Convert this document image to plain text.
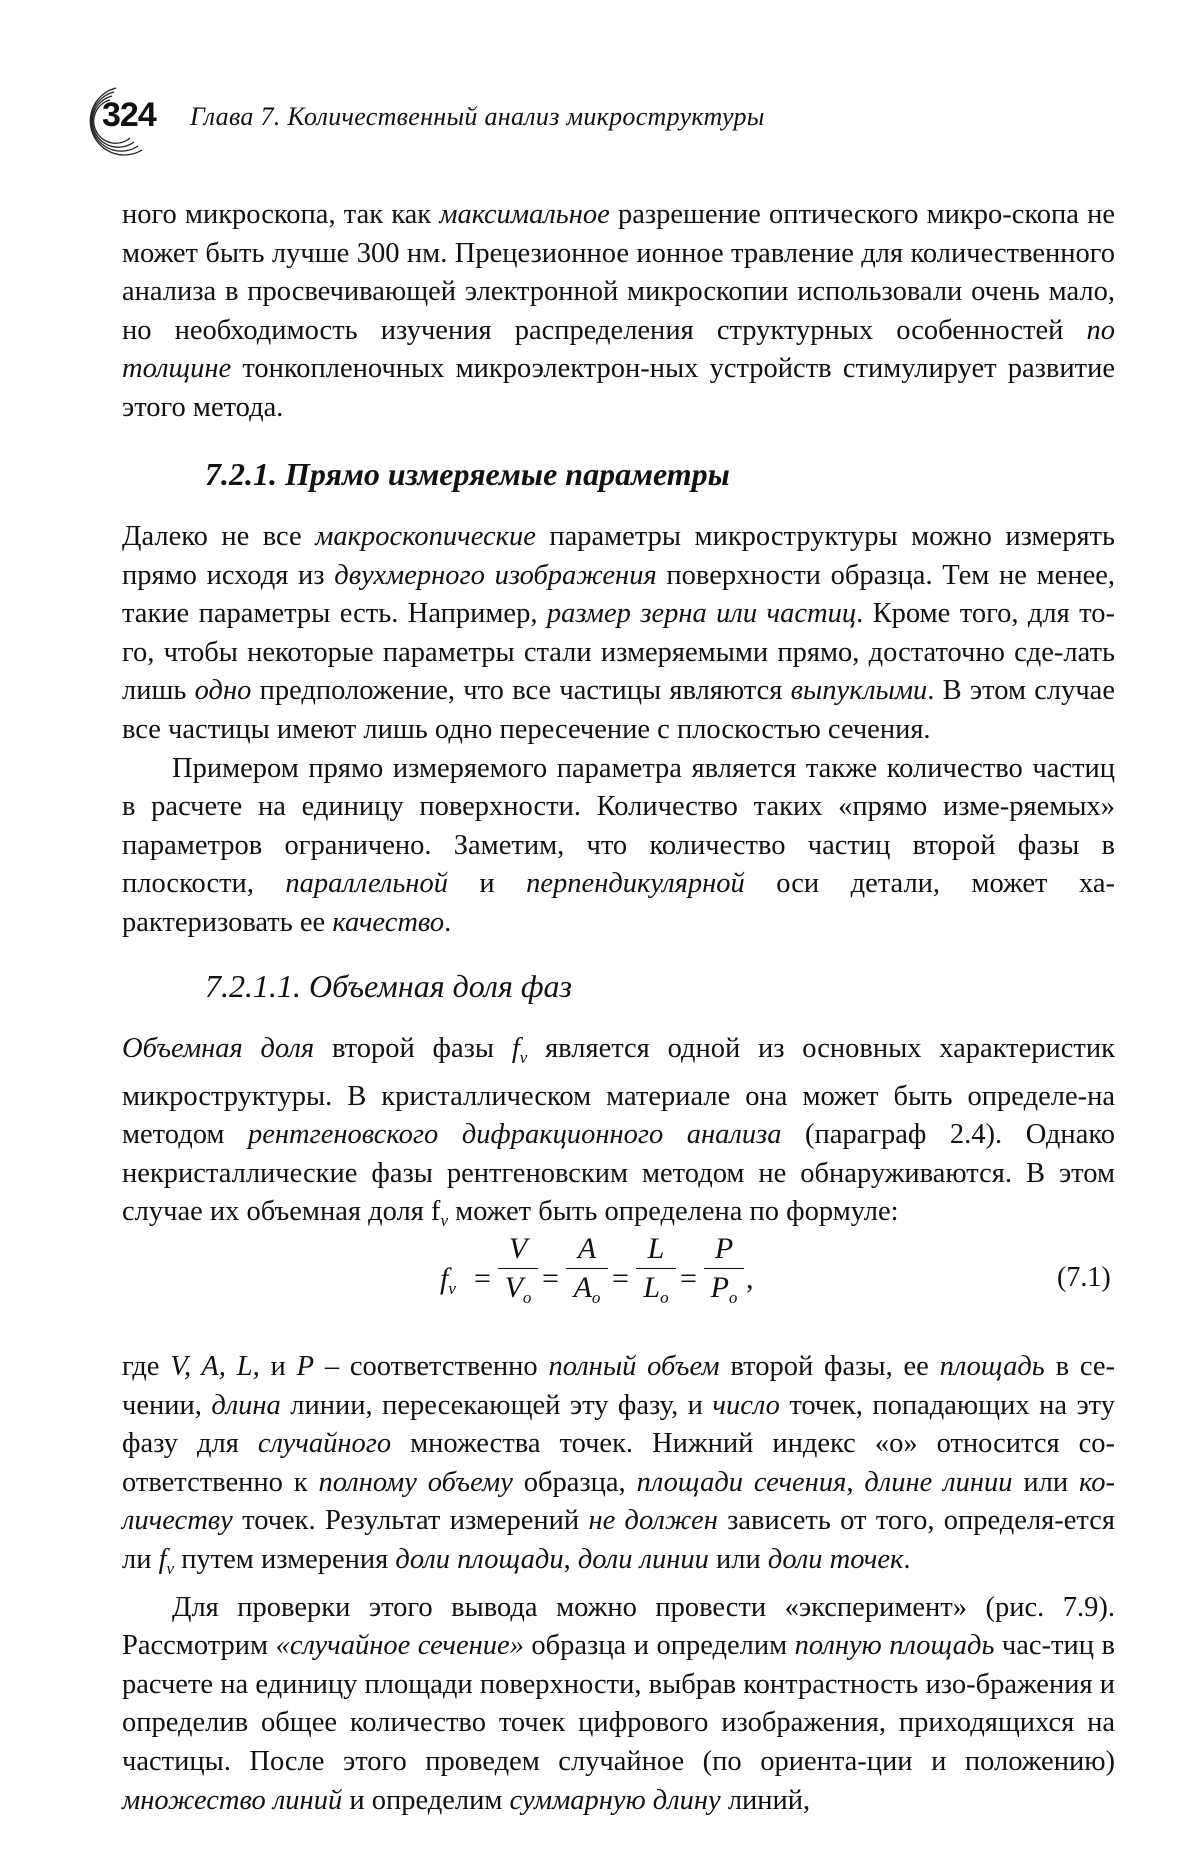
324 Глава 7. Количественный анализ микроструктуры

ного микроскопа, так как максимальное разрешение оптического микро-скопа не может быть лучше 300 нм. Прецезионное ионное травление для количественного анализа в просвечивающей электронной микроскопии использовали очень мало, но необходимость изучения распределения структурных особенностей по толщине тонкопленочных микроэлектрон-ных устройств стимулирует развитие этого метода.

7.2.1. Прямо измеряемые параметры

Далеко не все макроскопические параметры микроструктуры можно измерять прямо исходя из двухмерного изображения поверхности образца. Тем не менее, такие параметры есть. Например, размер зерна или частиц. Кроме того, для то-го, чтобы некоторые параметры стали измеряемыми прямо, достаточно сде-лать лишь одно предположение, что все частицы являются выпуклыми. В этом случае все частицы имеют лишь одно пересечение с плоскостью сечения.

Примером прямо измеряемого параметра является также количество частиц в расчете на единицу поверхности. Количество таких «прямо изме-ряемых» параметров ограничено. Заметим, что количество частиц второй фазы в плоскости, параллельной и перпендикулярной оси детали, может ха-рактеризовать ее качество.

7.2.1.1. Объемная доля фаз

Объемная доля второй фазы $f_v$ является одной из основных характеристик микроструктуры. В кристаллическом материале она может быть определе-на методом рентгеновского дифракционного анализа (параграф 2.4). Однако некристаллические фазы рентгеновским методом не обнаруживаются. В этом случае их объемная доля $f_v$ может быть определена по формуле:

$f_v$ =
V
$V_o$
=
A
$A_o$
=
L
$L_o$
=
P
$P_o$
,	(7.1)

где V, A, L, и P – соответственно полный объем второй фазы, ее площадь в се-чении, длина линии, пересекающей эту фазу, и число точек, попадающих на эту фазу для случайного множества точек. Нижний индекс «о» относится со-ответственно к полному объему образца, площади сечения, длине линии или ко-личеству точек. Результат измерений не должен зависеть от того, определя-ется ли $f_v$ путем измерения доли площади, доли линии или доли точек.

Для проверки этого вывода можно провести «эксперимент» (рис. 7.9). Рассмотрим «случайное сечение» образца и определим полную площадь час-тиц в расчете на единицу площади поверхности, выбрав контрастность изо-бражения и определив общее количество точек цифрового изображения, приходящихся на частицы. После этого проведем случайное (по ориента-ции и положению) множество линий и определим суммарную длину линий,
